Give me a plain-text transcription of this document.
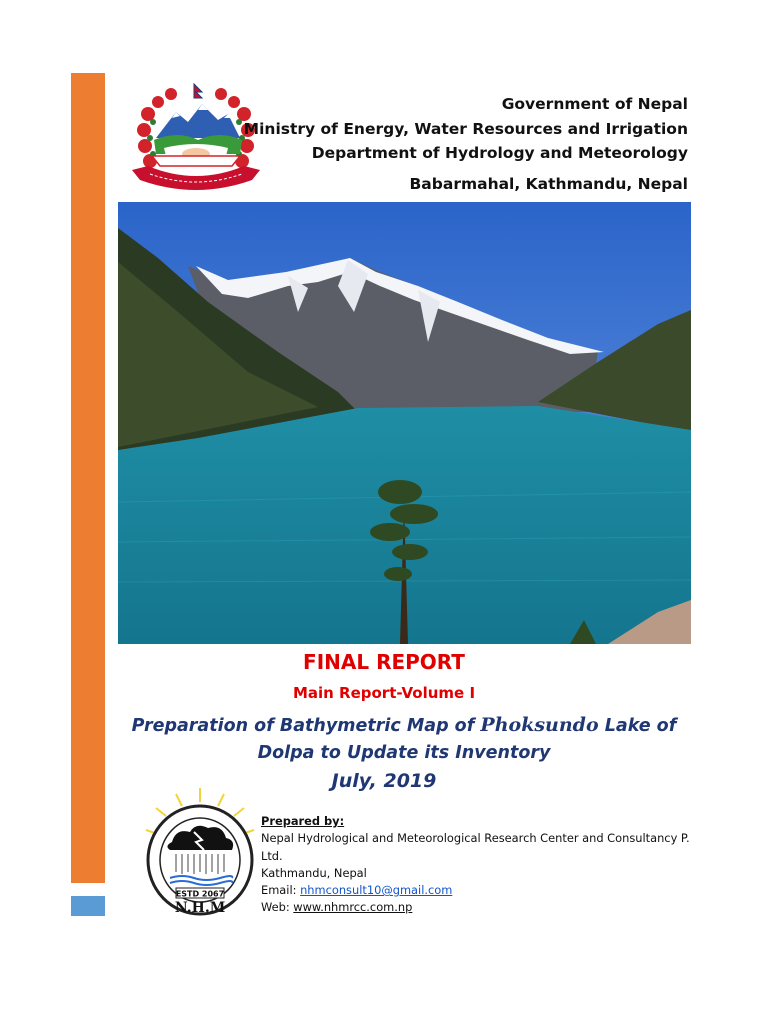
Government of Nepal
Ministry of Energy, Water Resources and Irrigation
Department of Hydrology and Meteorology
Babarmahal, Kathmandu, Nepal
FINAL REPORT
Main Report-Volume I
Preparation of Bathymetric Map of Phoksundo Lake of Dolpa to Update its Inventory
July, 2019
ESTD 2067
N.H.M
Prepared by:
Nepal Hydrological and Meteorological Research Center and Consultancy P. Ltd.
Kathmandu, Nepal
Email: nhmconsult10@gmail.com
Web: www.nhmrcc.com.np
